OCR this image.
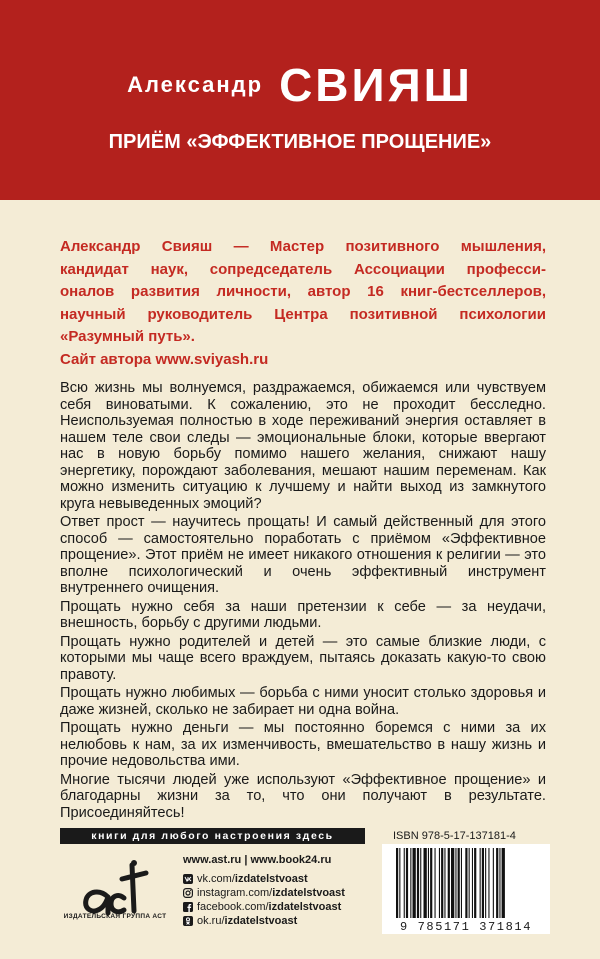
Александр СВИЯШ
ПРИЁМ «ЭФФЕКТИВНОЕ ПРОЩЕНИЕ»
Александр Свияш — Мастер позитивного мышления,
кандидат наук, сопредседатель Ассоциации професси-
оналов развития личности, автор 16 книг-бестселлеров,
научный руководитель Центра позитивной психологии
«Разумный путь».
Сайт автора www.sviyash.ru

Всю жизнь мы волнуемся, раздражаемся, обижаемся или чувствуем себя виноватыми. К сожалению, это не проходит бесследно. Неиспользуемая полностью в ходе переживаний энергия оставляет в нашем теле свои следы — эмоциональные блоки, которые ввергают нас в новую борьбу помимо нашего желания, снижают нашу энергетику, порождают заболевания, мешают нашим переменам. Как можно изменить ситуацию к лучшему и найти выход из замкнутого круга невыведенных эмоций?

Ответ прост — научитесь прощать! И самый действенный для этого способ — самостоятельно поработать с приёмом «Эффективное прощение». Этот приём не имеет никакого отношения к религии — это вполне психологический и очень эффективный инструмент внутреннего очищения.

Прощать нужно себя за наши претензии к себе — за неудачи, внешность, борьбу с другими людьми.

Прощать нужно родителей и детей — это самые близкие люди, с которыми мы чаще всего враждуем, пытаясь доказать какую-то свою правоту.

Прощать нужно любимых — борьба с ними уносит столько здоровья и даже жизней, сколько не забирает ни одна война.

Прощать нужно деньги — мы постоянно боремся с ними за их нелюбовь к нам, за их изменчивость, вмешательство в нашу жизнь и прочие недовольства ими.

Многие тысячи людей уже используют «Эффективное прощение» и благодарны жизни за то, что они получают в результате. Присоединяйтесь!

книги для любого настроения здесь
ИЗДАТЕЛЬСКАЯ ГРУППА АСТ
www.ast.ru | www.book24.ru
vk.com/ izdatelstvoast
instagram.com/ izdatelstvoast
facebook.com/ izdatelstvoast
ok.ru/ izdatelstvoast
ISBN 978-5-17-137181-4
9 785171 371814
